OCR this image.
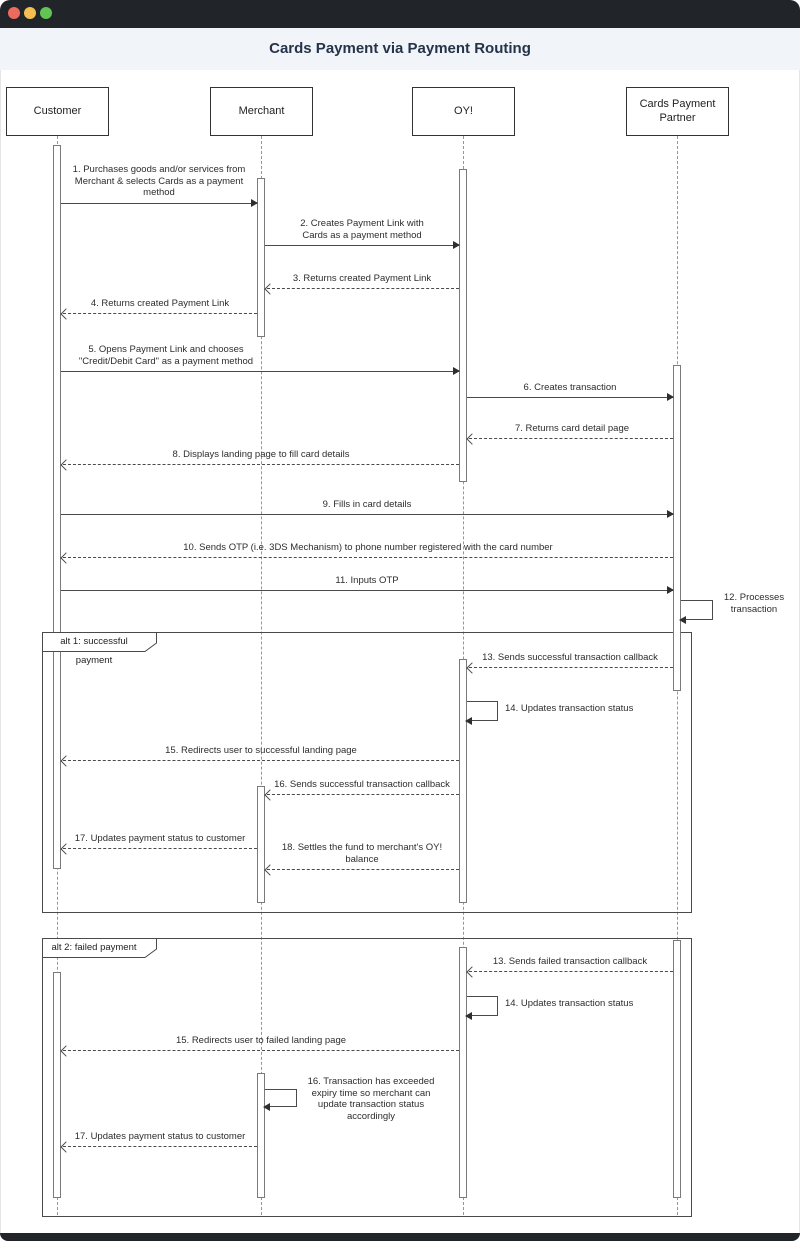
Cards Payment via Payment Routing
alt 1: successful payment
alt 2: failed payment
Customer	Merchant	OY!
Cards Payment Partner
1. Purchases goods and/or services from Merchant & selects Cards as a payment method
2. Creates Payment Link with Cards as a payment method
3. Returns created Payment Link
4. Returns created Payment Link
5. Opens Payment Link and chooses "Credit/Debit Card" as a payment method
6. Creates transaction
7. Returns card detail page
8. Displays landing page to fill card details
9. Fills in card details
10. Sends OTP (i.e. 3DS Mechanism) to phone number registered with the card number
11. Inputs OTP
12. Processes transaction
13. Sends successful transaction callback
14. Updates transaction status
15. Redirects user to successful landing page
16. Sends successful transaction callback
17. Updates payment status to customer
18. Settles the fund to merchant's OY! balance
13. Sends failed transaction callback
14. Updates transaction status
15. Redirects user to failed landing page
16. Transaction has exceeded expiry time so merchant can update transaction status accordingly
17. Updates payment status to customer
